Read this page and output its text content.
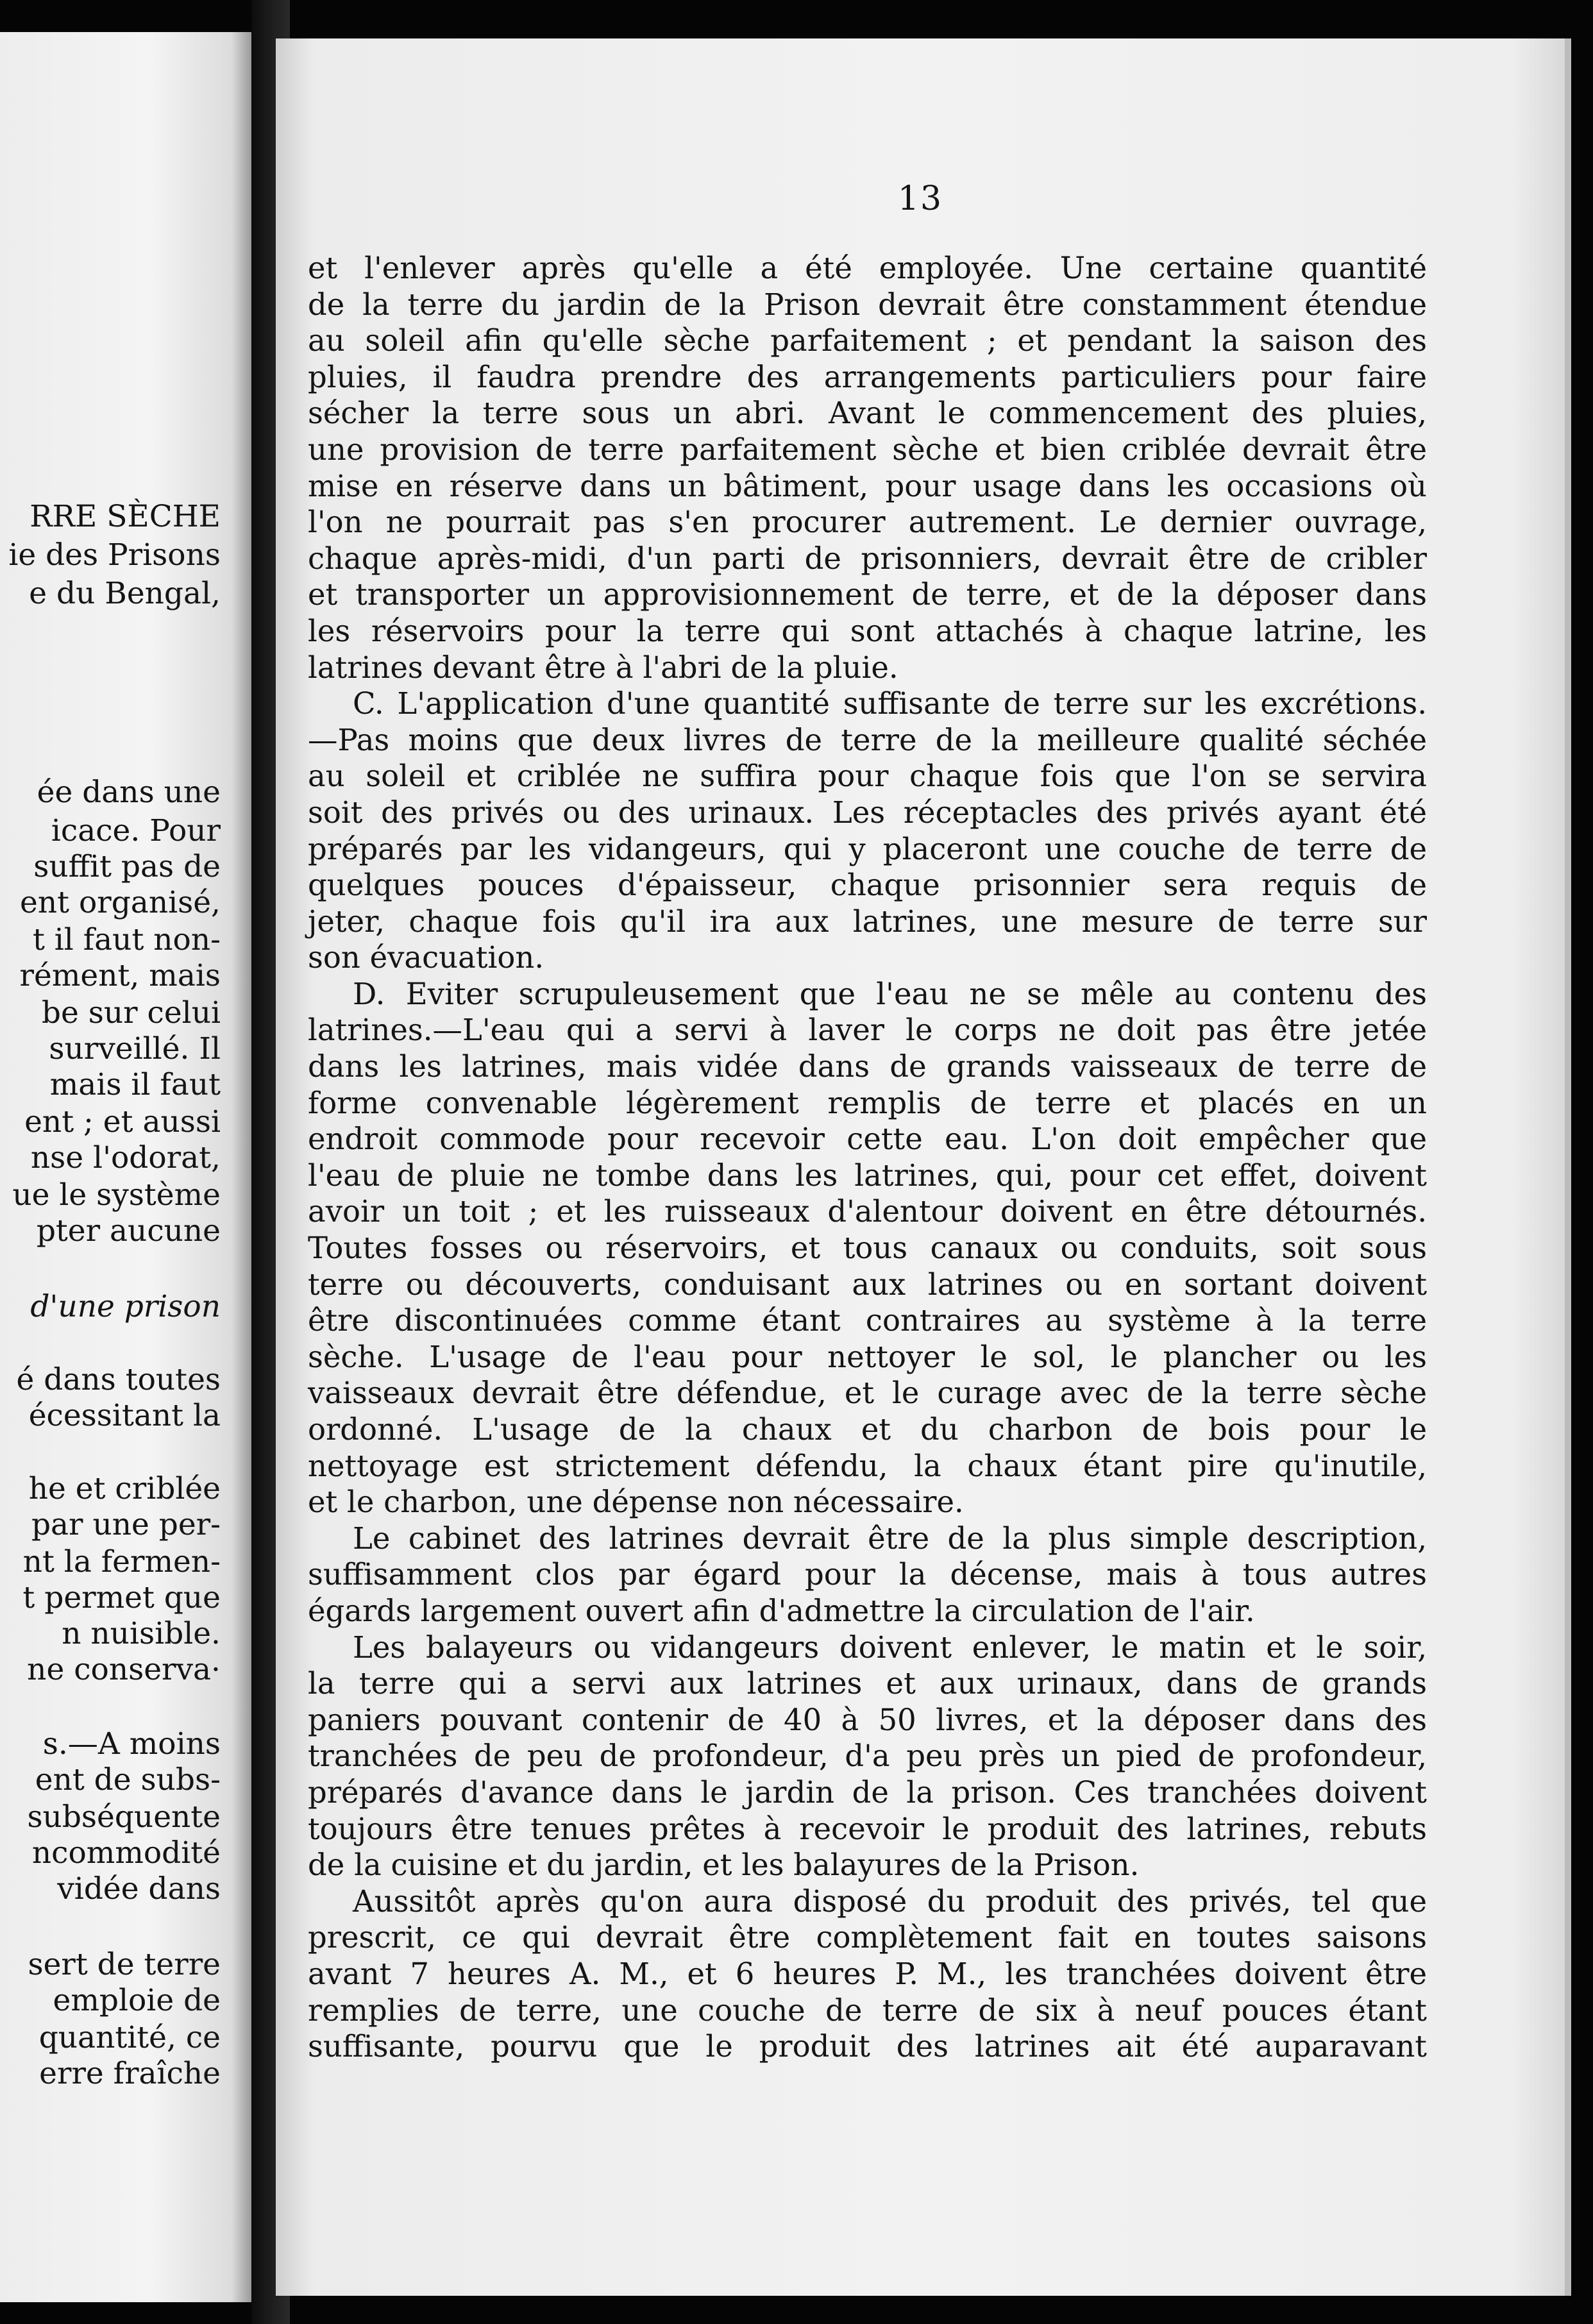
RRE SÈCHE
ie des Prisons
e du Bengal,
ée dans une
icace. Pour
suffit pas de
ent organisé,
t il faut non-
rément, mais
be sur celui
surveillé. Il
mais il faut
ent ; et aussi
nse l'odorat,
ue le système
pter aucune
d'une prison
é dans toutes
écessitant la
he et criblée
par une per-
nt la fermen-
t permet que
n nuisible.
ne conserva·
s.—A moins
ent de subs-
subséquente
ncommodité
vidée dans
sert de terre
emploie de
quantité, ce
erre fraîche
13
et l'enlever après qu'elle a été employée. Une certaine quantité
de la terre du jardin de la Prison devrait être constamment étendue
au soleil afin qu'elle sèche parfaitement ; et pendant la saison des
pluies, il faudra prendre des arrangements particuliers pour faire
sécher la terre sous un abri. Avant le commencement des pluies,
une provision de terre parfaitement sèche et bien criblée devrait être
mise en réserve dans un bâtiment, pour usage dans les occasions où
l'on ne pourrait pas s'en procurer autrement. Le dernier ouvrage,
chaque après-midi, d'un parti de prisonniers, devrait être de cribler
et transporter un approvisionnement de terre, et de la déposer dans
les réservoirs pour la terre qui sont attachés à chaque latrine, les
latrines devant être à l'abri de la pluie.
C. L'application d'une quantité suffisante de terre sur les excrétions.
—Pas moins que deux livres de terre de la meilleure qualité séchée
au soleil et criblée ne suffira pour chaque fois que l'on se servira
soit des privés ou des urinaux. Les réceptacles des privés ayant été
préparés par les vidangeurs, qui y placeront une couche de terre de
quelques pouces d'épaisseur, chaque prisonnier sera requis de
jeter, chaque fois qu'il ira aux latrines, une mesure de terre sur
son évacuation.
D. Eviter scrupuleusement que l'eau ne se mêle au contenu des
latrines.—L'eau qui a servi à laver le corps ne doit pas être jetée
dans les latrines, mais vidée dans de grands vaisseaux de terre de
forme convenable légèrement remplis de terre et placés en un
endroit commode pour recevoir cette eau. L'on doit empêcher que
l'eau de pluie ne tombe dans les latrines, qui, pour cet effet, doivent
avoir un toit ; et les ruisseaux d'alentour doivent en être détournés.
Toutes fosses ou réservoirs, et tous canaux ou conduits, soit sous
terre ou découverts, conduisant aux latrines ou en sortant doivent
être discontinuées comme étant contraires au système à la terre
sèche. L'usage de l'eau pour nettoyer le sol, le plancher ou les
vaisseaux devrait être défendue, et le curage avec de la terre sèche
ordonné. L'usage de la chaux et du charbon de bois pour le
nettoyage est strictement défendu, la chaux étant pire qu'inutile,
et le charbon, une dépense non nécessaire.
Le cabinet des latrines devrait être de la plus simple description,
suffisamment clos par égard pour la décense, mais à tous autres
égards largement ouvert afin d'admettre la circulation de l'air.
Les balayeurs ou vidangeurs doivent enlever, le matin et le soir,
la terre qui a servi aux latrines et aux urinaux, dans de grands
paniers pouvant contenir de 40 à 50 livres, et la déposer dans des
tranchées de peu de profondeur, d'a peu près un pied de profondeur,
préparés d'avance dans le jardin de la prison. Ces tranchées doivent
toujours être tenues prêtes à recevoir le produit des latrines, rebuts
de la cuisine et du jardin, et les balayures de la Prison.
Aussitôt après qu'on aura disposé du produit des privés, tel que
prescrit, ce qui devrait être complètement fait en toutes saisons
avant 7 heures A. M., et 6 heures P. M., les tranchées doivent être
remplies de terre, une couche de terre de six à neuf pouces étant
suffisante, pourvu que le produit des latrines ait été auparavant
